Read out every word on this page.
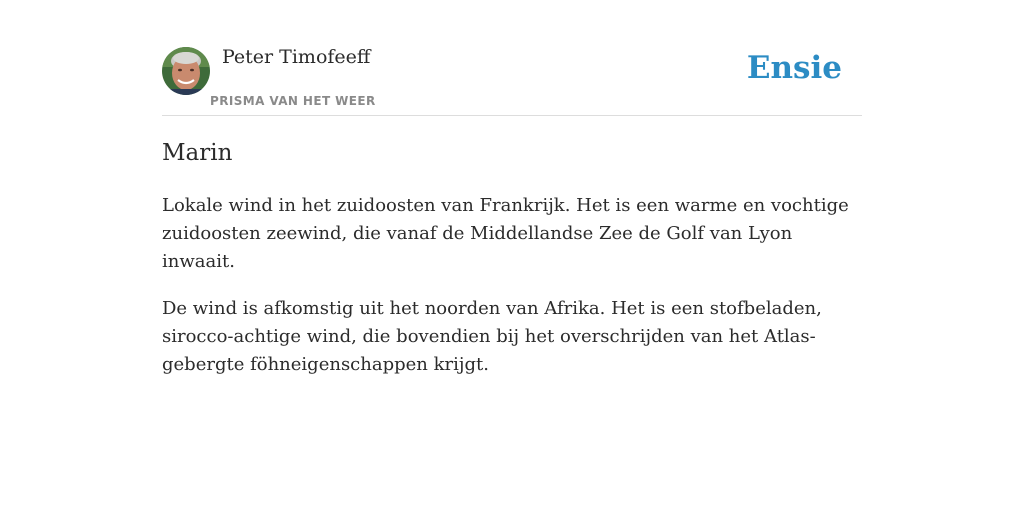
Peter Timofeeff
PRISMA VAN HET WEER
Ensie
Marin

Lokale wind in het zuidoosten van Frankrijk. Het is een warme en vochtige zuidoosten zeewind, die vanaf de Middellandse Zee de Golf van Lyon inwaait.

De wind is afkomstig uit het noorden van Afrika. Het is een stofbeladen, sirocco-achtige wind, die bovendien bij het overschrijden van het Atlas-gebergte föhneigenschappen krijgt.
